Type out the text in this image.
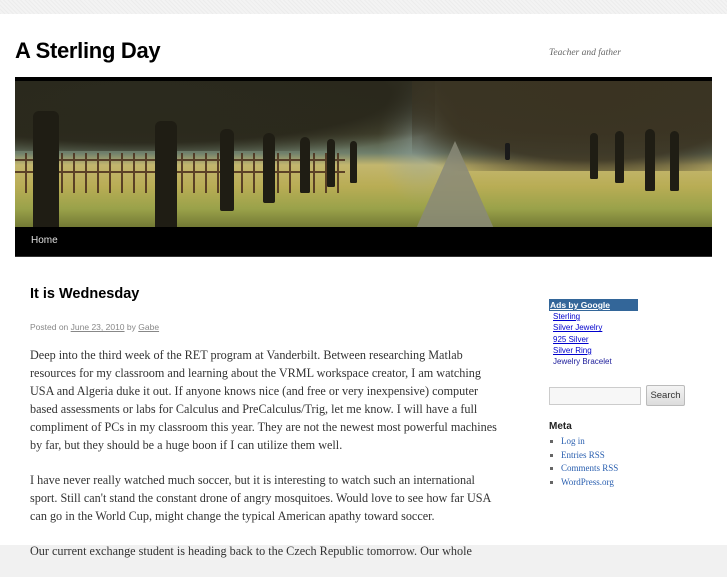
A Sterling Day	Teacher and father
Home
It is Wednesday
Posted on June 23, 2010 by Gabe

Deep into the third week of the RET program at Vanderbilt. Between researching Matlab resources for my classroom and learning about the VRML workspace creator, I am watching USA and Algeria duke it out. If anyone knows nice (and free or very inexpensive) computer based assessments or labs for Calculus and PreCalculus/Trig, let me know. I will have a full compliment of PCs in my classroom this year. They are not the newest most powerful machines by far, but they should be a huge boon if I can utilize them well.

I have never really watched much soccer, but it is interesting to watch such an international sport. Still can't stand the constant drone of angry mosquitoes. Would love to see how far USA can go in the World Cup, might change the typical American apathy toward soccer.

Our current exchange student is heading back to the Czech Republic tomorrow. Our whole

Ads by Google
Sterling
Silver Jewelry
925 Silver
Silver Ring
Jewelry Bracelet
Search
Meta
Log in
Entries RSS
Comments RSS
WordPress.org
